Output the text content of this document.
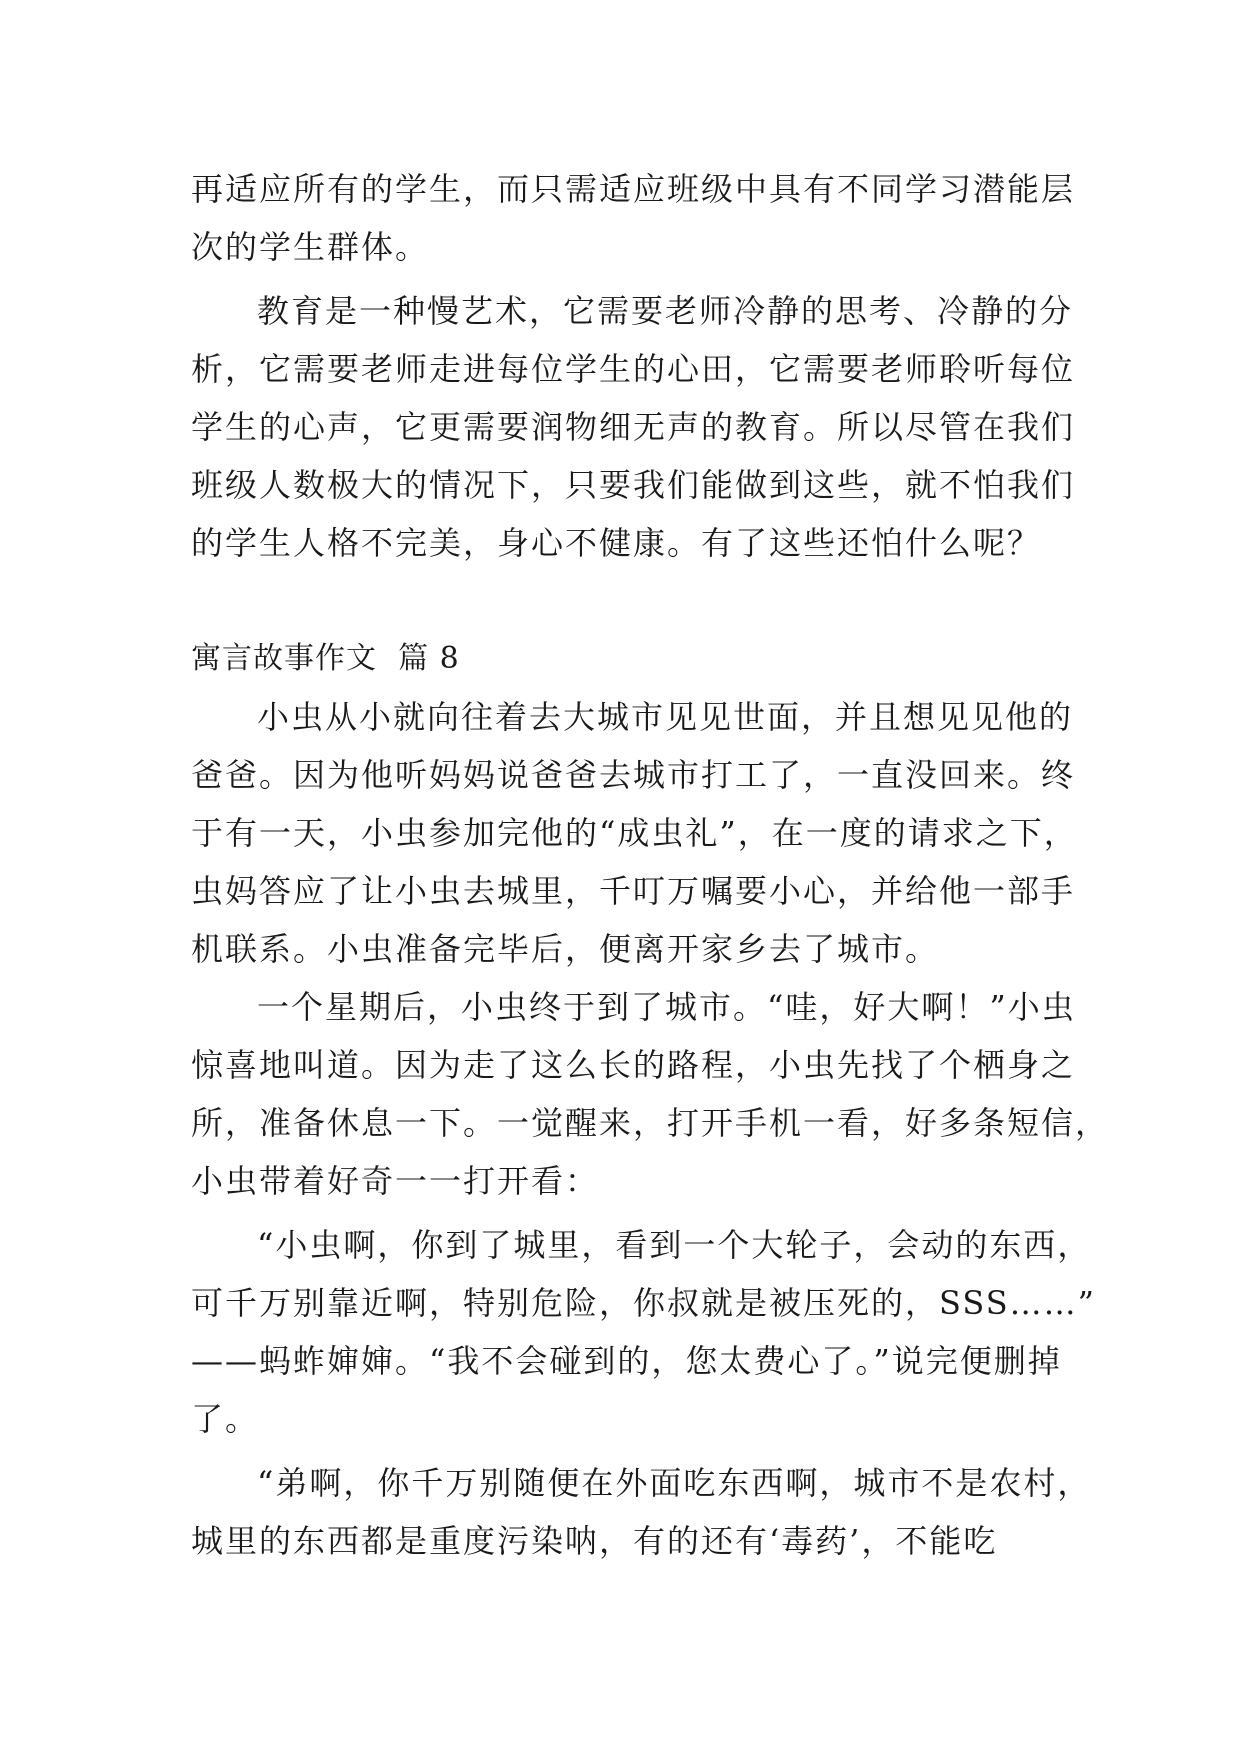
再适应所有的学生，而只需适应班级中具有不同学习潜能层
次的学生群体。

教育是一种慢艺术，它需要老师冷静的思考、冷静的分
析，它需要老师走进每位学生的心田，它需要老师聆听每位
学生的心声，它更需要润物细无声的教育。所以尽管在我们
班级人数极大的情况下，只要我们能做到这些，就不怕我们
的学生人格不完美，身心不健康。有了这些还怕什么呢？

寓言故事作文  篇 8

小虫从小就向往着去大城市见见世面，并且想见见他的
爸爸。因为他听妈妈说爸爸去城市打工了，一直没回来。终
于有一天，小虫参加完他的“成虫礼”，在一度的请求之下，
虫妈答应了让小虫去城里，千叮万嘱要小心，并给他一部手
机联系。小虫准备完毕后，便离开家乡去了城市。

一个星期后，小虫终于到了城市。“哇，好大啊！”小虫
惊喜地叫道。因为走了这么长的路程，小虫先找了个栖身之
所，准备休息一下。一觉醒来，打开手机一看，好多条短信，
小虫带着好奇一一打开看：

“小虫啊，你到了城里，看到一个大轮子，会动的东西，
可千万别靠近啊，特别危险，你叔就是被压死的，SSS……”
——蚂蚱婶婶。“我不会碰到的，您太费心了。”说完便删掉
了。

“弟啊，你千万别随便在外面吃东西啊，城市不是农村，
城里的东西都是重度污染呐，有的还有‘毒药’，不能吃
